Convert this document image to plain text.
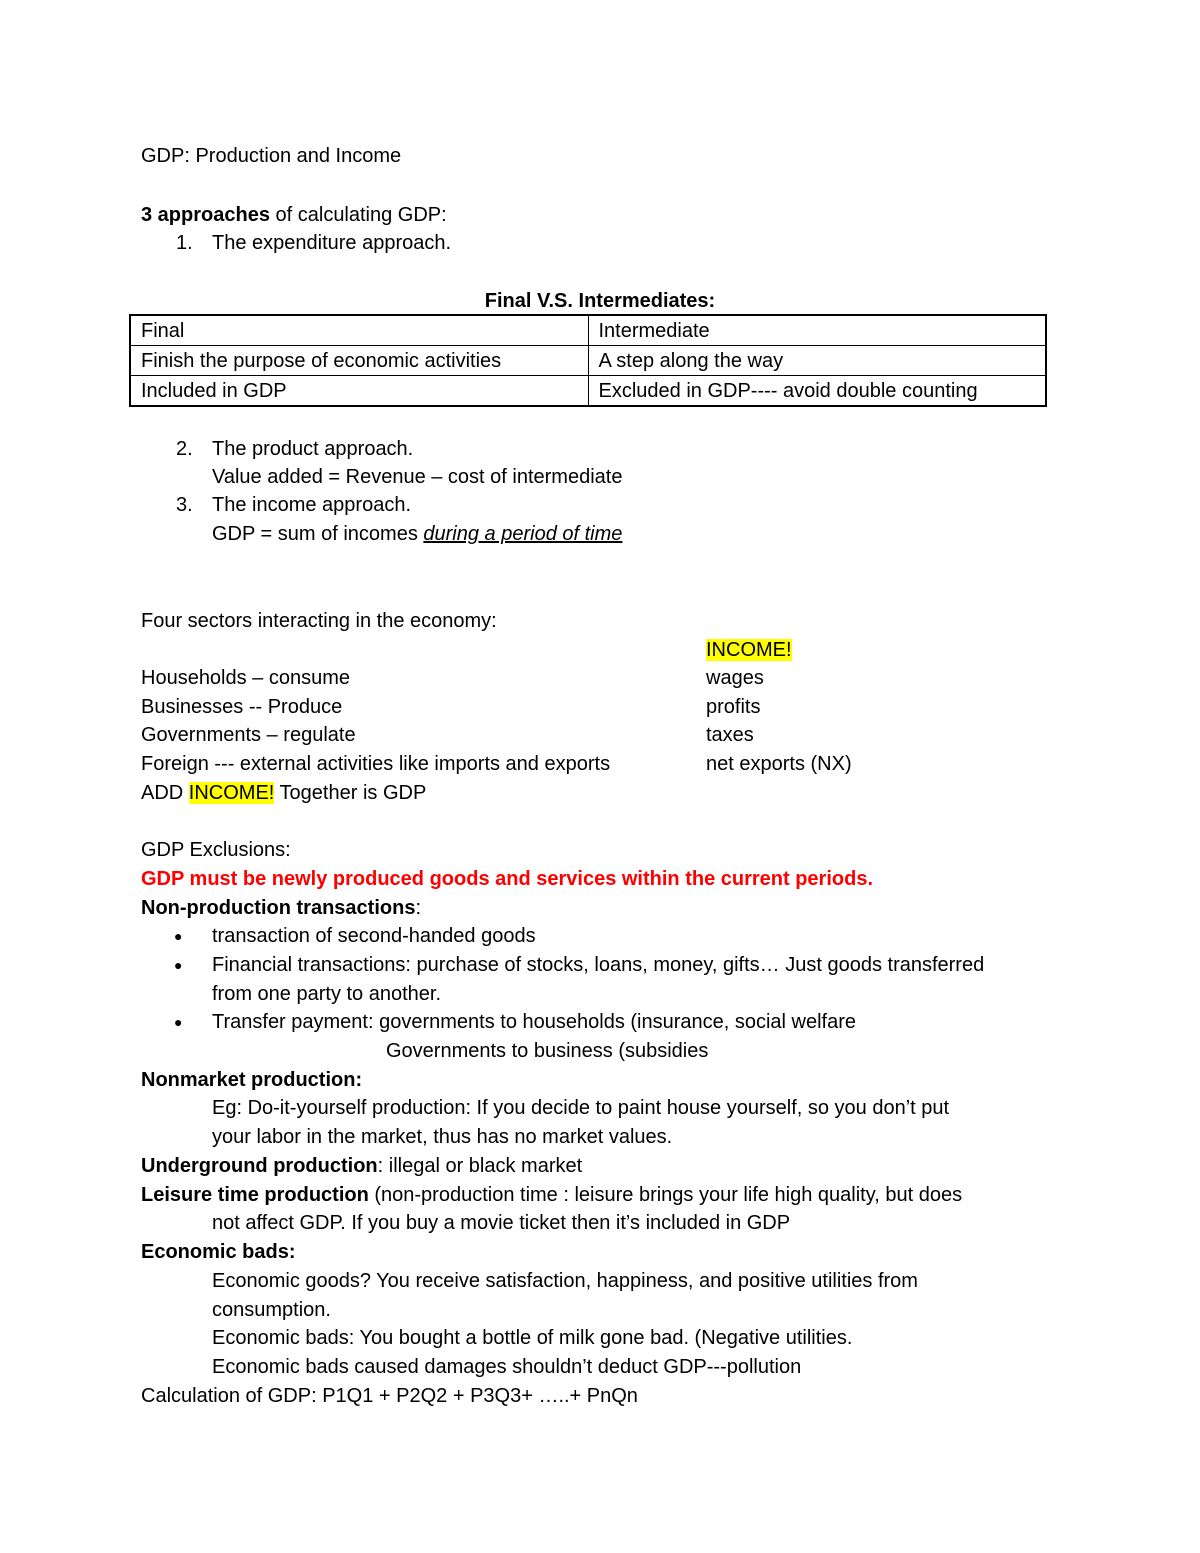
GDP: Production and Income
3 approaches of calculating GDP:
1. The expenditure approach.
Final V.S. Intermediates:
Final	Intermediate
Finish the purpose of economic activities	A step along the way
Included in GDP	Excluded in GDP---- avoid double counting
2. The product approach.
Value added = Revenue – cost of intermediate
3. The income approach.
GDP = sum of incomes during a period of time
Four sectors interacting in the economy:
INCOME!
Households – consume	wages
Businesses -- Produce	profits
Governments – regulate	taxes
Foreign --- external activities like imports and exports	net exports (NX)
ADD INCOME! Together is GDP
GDP Exclusions:
GDP must be newly produced goods and services within the current periods.
Non-production transactions:
● transaction of second-handed goods
● Financial transactions: purchase of stocks, loans, money, gifts… Just goods transferred
from one party to another.
● Transfer payment: governments to households (insurance, social welfare
Governments to business (subsidies
Nonmarket production:
Eg: Do-it-yourself production: If you decide to paint house yourself, so you don’t put
your labor in the market, thus has no market values.
Underground production: illegal or black market
Leisure time production (non-production time : leisure brings your life high quality, but does
not affect GDP. If you buy a movie ticket then it’s included in GDP
Economic bads:
Economic goods? You receive satisfaction, happiness, and positive utilities from
consumption.
Economic bads: You bought a bottle of milk gone bad. (Negative utilities.
Economic bads caused damages shouldn’t deduct GDP---pollution
Calculation of GDP: P1Q1 + P2Q2 + P3Q3+ …..+ PnQn
